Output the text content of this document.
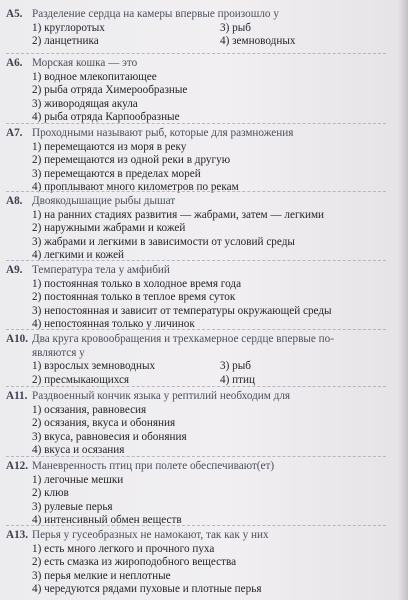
A5. Разделение сердца на камеры впервые произошло у
1) круглоротых	3) рыб
2) ланцетника	4) земноводных
A6. Морская кошка — это
1) водное млекопитающее
2) рыба отряда Химерообразные
3) живородящая акула
4) рыба отряда Карпообразные
A7. Проходными называют рыб, которые для размножения
1) перемещаются из моря в реку
2) перемещаются из одной реки в другую
3) перемещаются в пределах морей
4) проплывают много километров по рекам
A8. Двоякодышащие рыбы дышат
1) на ранних стадиях развития — жабрами, затем — легкими
2) наружными жабрами и кожей
3) жабрами и легкими в зависимости от условий среды
4) легкими и кожей
A9. Температура тела у амфибий
1) постоянная только в холодное время года
2) постоянная только в теплое время суток
3) непостоянная и зависит от температуры окружающей среды
4) непостоянная только у личинок
A10. Два круга кровообращения и трехкамерное сердце впервые по-
являются у
1) взрослых земноводных	3) рыб
2) пресмыкающихся	4) птиц
A11. Раздвоенный кончик языка у рептилий необходим для
1) осязания, равновесия
2) осязания, вкуса и обоняния
3) вкуса, равновесия и обоняния
4) вкуса и осязания
A12. Маневренность птиц при полете обеспечивают(ет)
1) легочные мешки
2) клюв
3) рулевые перья
4) интенсивный обмен веществ
A13. Перья у гусеобразных не намокают, так как у них
1) есть много легкого и прочного пуха
2) есть смазка из жироподобного вещества
3) перья мелкие и неплотные
4) чередуются рядами пуховые и плотные перья
